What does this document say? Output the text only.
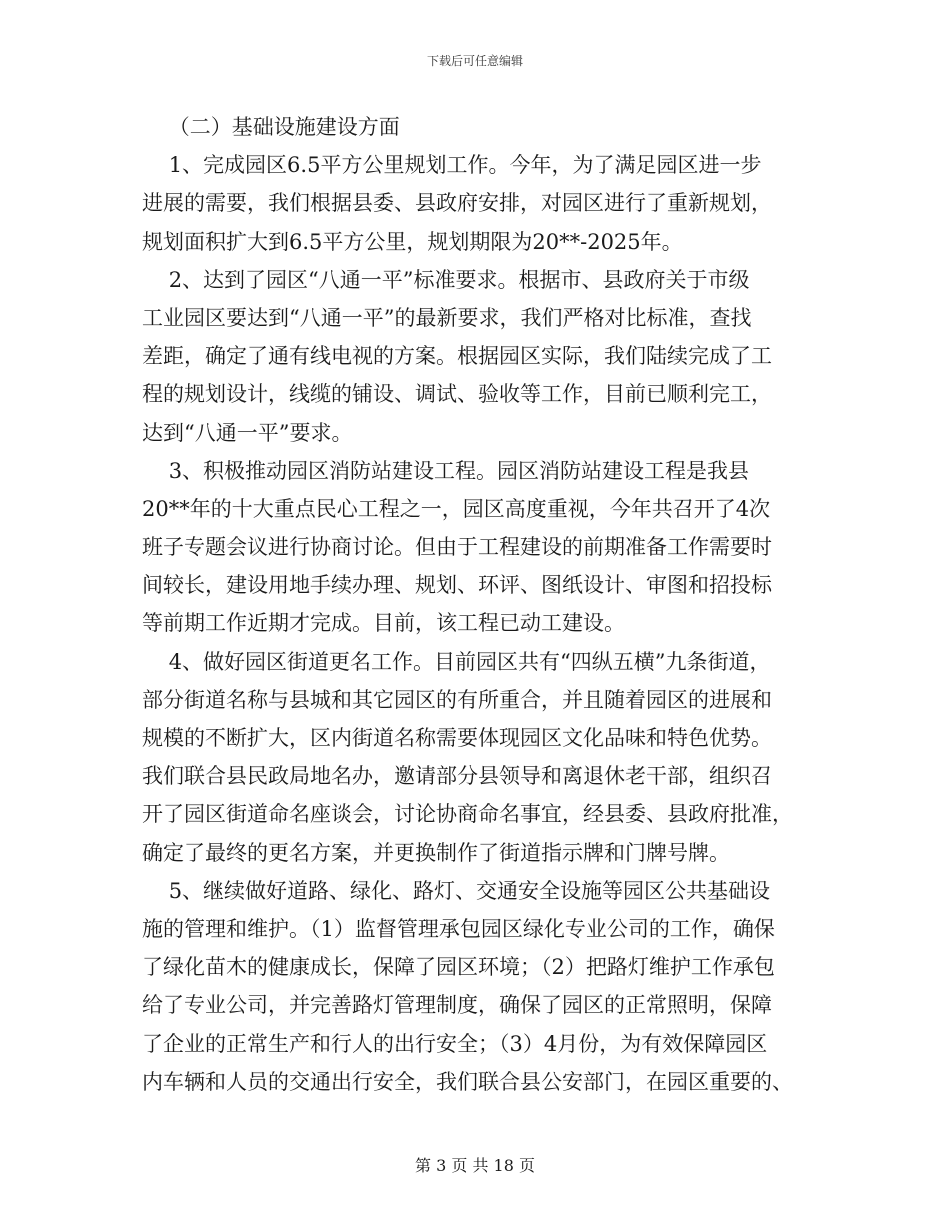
下载后可任意编辑
（二）基础设施建设方面
1、完成园区6.5平方公里规划工作。今年，为了满足园区进一步
进展的需要，我们根据县委、县政府安排，对园区进行了重新规划，
规划面积扩大到6.5平方公里，规划期限为20**-2025年。
2、达到了园区“八通一平”标准要求。根据市、县政府关于市级
工业园区要达到“八通一平”的最新要求，我们严格对比标准，查找
差距，确定了通有线电视的方案。根据园区实际，我们陆续完成了工
程的规划设计，线缆的铺设、调试、验收等工作，目前已顺利完工，
达到“八通一平”要求。
3、积极推动园区消防站建设工程。园区消防站建设工程是我县
20**年的十大重点民心工程之一，园区高度重视，今年共召开了4次
班子专题会议进行协商讨论。但由于工程建设的前期准备工作需要时
间较长，建设用地手续办理、规划、环评、图纸设计、审图和招投标
等前期工作近期才完成。目前，该工程已动工建设。
4、做好园区街道更名工作。目前园区共有“四纵五横”九条街道，
部分街道名称与县城和其它园区的有所重合，并且随着园区的进展和
规模的不断扩大，区内街道名称需要体现园区文化品味和特色优势。
我们联合县民政局地名办，邀请部分县领导和离退休老干部，组织召
开了园区街道命名座谈会，讨论协商命名事宜，经县委、县政府批准，
确定了最终的更名方案，并更换制作了街道指示牌和门牌号牌。
5、继续做好道路、绿化、路灯、交通安全设施等园区公共基础设
施的管理和维护。（1）监督管理承包园区绿化专业公司的工作，确保
了绿化苗木的健康成长，保障了园区环境；（2）把路灯维护工作承包
给了专业公司，并完善路灯管理制度，确保了园区的正常照明，保障
了企业的正常生产和行人的出行安全；（3）4月份，为有效保障园区
内车辆和人员的交通出行安全，我们联合县公安部门，在园区重要的、
第 3 页 共 18 页
